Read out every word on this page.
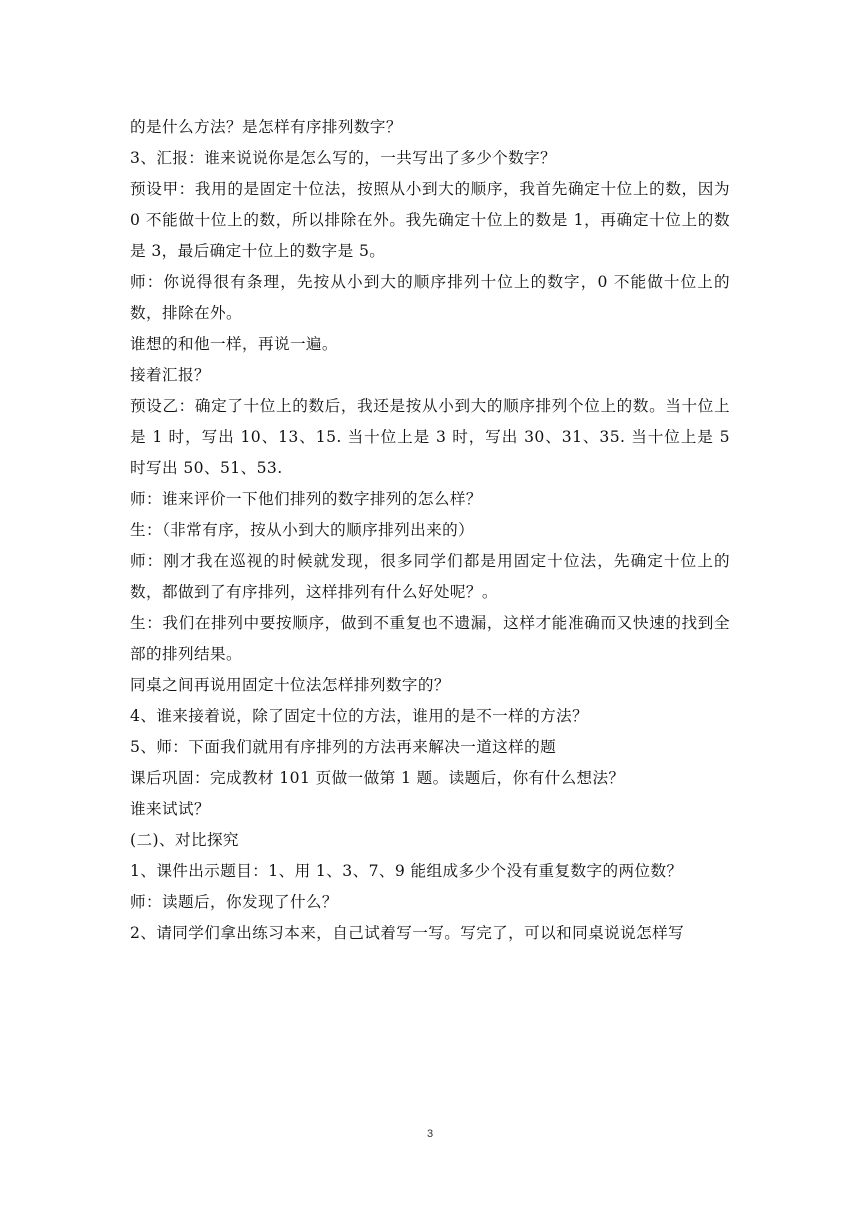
的是什么方法？是怎样有序排列数字？

3、汇报：谁来说说你是怎么写的，一共写出了多少个数字？

预设甲：我用的是固定十位法，按照从小到大的顺序，我首先确定十位上的数，因为 0 不能做十位上的数，所以排除在外。我先确定十位上的数是 1，再确定十位上的数是 3，最后确定十位上的数字是 5。

师：你说得很有条理，先按从小到大的顺序排列十位上的数字，0 不能做十位上的数，排除在外。

谁想的和他一样，再说一遍。

接着汇报？

预设乙：确定了十位上的数后，我还是按从小到大的顺序排列个位上的数。当十位上是 1 时，写出 10、13、15. 当十位上是 3 时，写出 30、31、35. 当十位上是 5 时写出 50、51、53.

师：谁来评价一下他们排列的数字排列的怎么样？

生：（非常有序，按从小到大的顺序排列出来的）

师：刚才我在巡视的时候就发现，很多同学们都是用固定十位法，先确定十位上的数，都做到了有序排列，这样排列有什么好处呢？。

生：我们在排列中要按顺序，做到不重复也不遗漏，这样才能准确而又快速的找到全部的排列结果。

同桌之间再说用固定十位法怎样排列数字的？

4、谁来接着说，除了固定十位的方法，谁用的是不一样的方法？

5、师：下面我们就用有序排列的方法再来解决一道这样的题

课后巩固：完成教材 101 页做一做第 1 题。读题后，你有什么想法？

谁来试试？

(二)、对比探究

1、课件出示题目：1、用 1、3、7、9 能组成多少个没有重复数字的两位数？

师：读题后，你发现了什么？

2、请同学们拿出练习本来，自己试着写一写。写完了，可以和同桌说说怎样写

3
